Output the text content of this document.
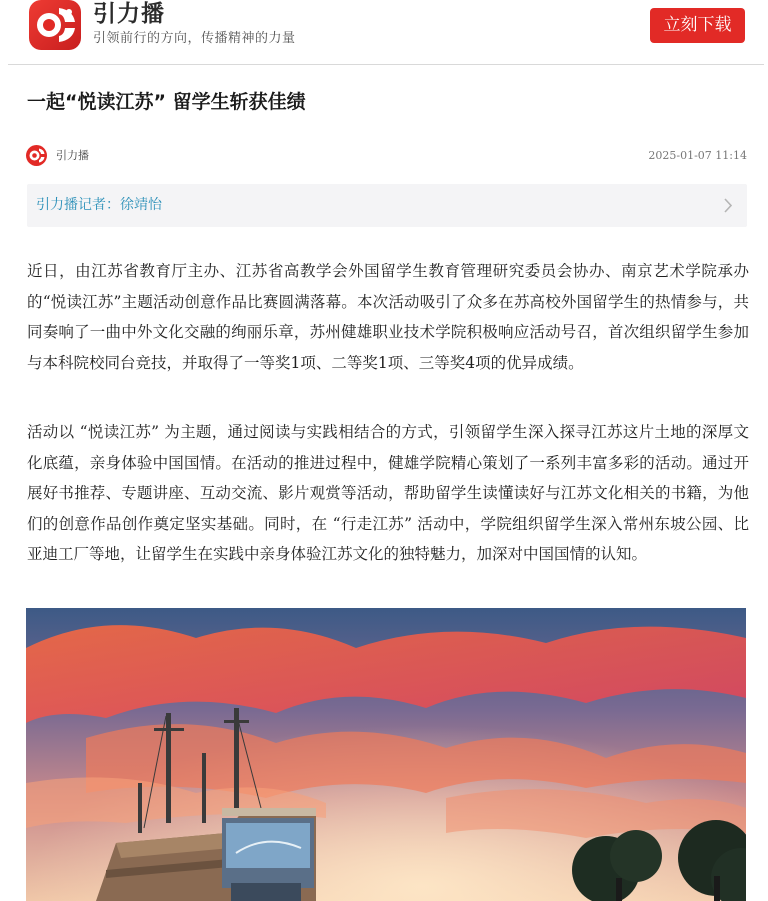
引力播
引领前行的方向，传播精神的力量
立刻下载
一起“悦读江苏” 留学生斩获佳绩
引力播	2025-01-07 11:14
引力播记者：徐靖怡

近日，由江苏省教育厅主办、江苏省高教学会外国留学生教育管理研究委员会协办、南京艺术学院承办的“悦读江苏”主题活动创意作品比赛圆满落幕。本次活动吸引了众多在苏高校外国留学生的热情参与，共同奏响了一曲中外文化交融的绚丽乐章，苏州健雄职业技术学院积极响应活动号召，首次组织留学生参加与本科院校同台竞技，并取得了一等奖1项、二等奖1项、三等奖4项的优异成绩。

活动以 “悦读江苏” 为主题，通过阅读与实践相结合的方式，引领留学生深入探寻江苏这片土地的深厚文化底蕴，亲身体验中国国情。在活动的推进过程中，健雄学院精心策划了一系列丰富多彩的活动。通过开展好书推荐、专题讲座、互动交流、影片观赏等活动，帮助留学生读懂读好与江苏文化相关的书籍，为他们的创意作品创作奠定坚实基础。同时，在 “行走江苏” 活动中，学院组织留学生深入常州东坡公园、比亚迪工厂等地，让留学生在实践中亲身体验江苏文化的独特魅力，加深对中国国情的认知。
